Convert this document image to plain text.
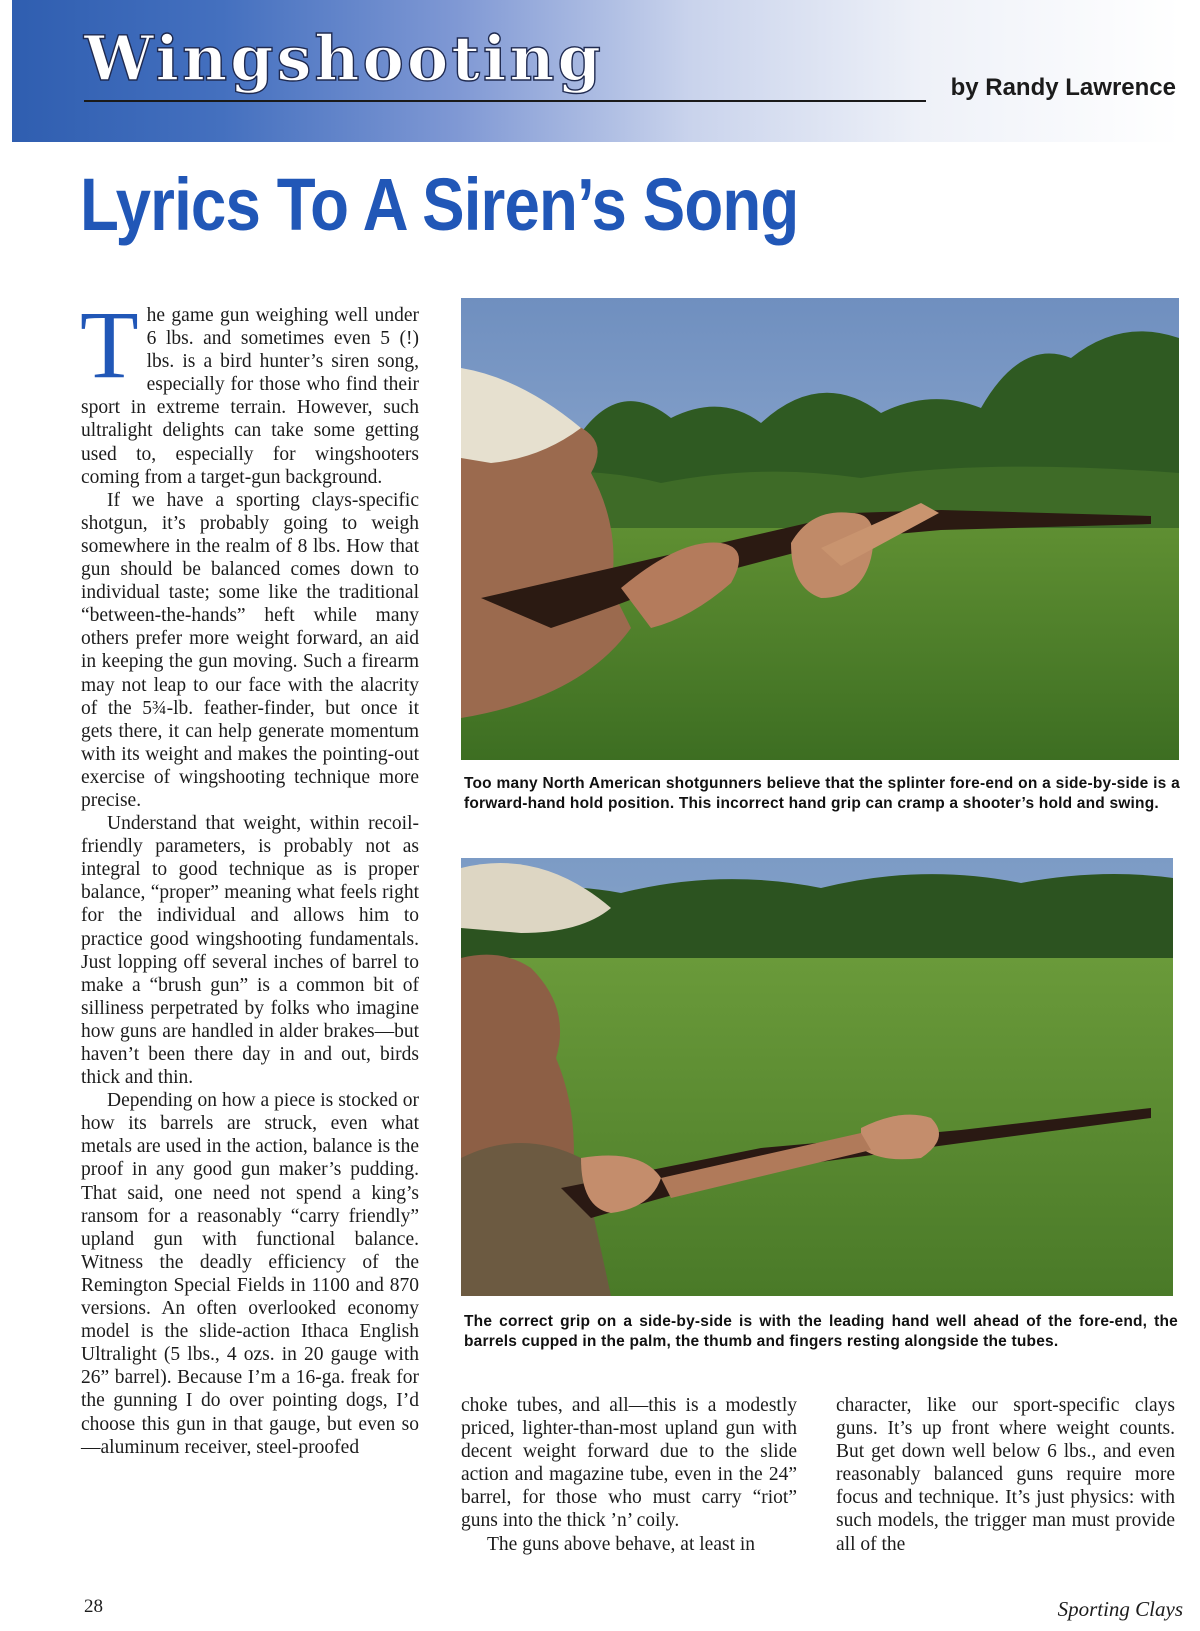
Wingshooting	by Randy Lawrence
Lyrics To A Siren’s Song

The game gun weighing well under 6 lbs. and sometimes even 5 (!) lbs. is a bird hunter’s siren song, especially for those who find their sport in extreme terrain. However, such ultralight delights can take some getting used to, especially for wingshooters coming from a target-gun background.

If we have a sporting clays-specific shotgun, it’s probably going to weigh somewhere in the realm of 8 lbs. How that gun should be balanced comes down to individual taste; some like the traditional “between-the-hands” heft while many others prefer more weight forward, an aid in keeping the gun moving. Such a firearm may not leap to our face with the alacrity of the 5¾-lb. feather-finder, but once it gets there, it can help generate momentum with its weight and makes the pointing-out exercise of wingshooting technique more precise.

Understand that weight, within recoil-friendly parameters, is probably not as integral to good technique as is proper balance, “proper” meaning what feels right for the individual and allows him to practice good wingshooting fundamentals. Just lopping off several inches of barrel to make a “brush gun” is a common bit of silliness perpetrated by folks who imagine how guns are handled in alder brakes—but haven’t been there day in and out, birds thick and thin.

Depending on how a piece is stocked or how its barrels are struck, even what metals are used in the action, balance is the proof in any good gun maker’s pudding. That said, one need not spend a king’s ransom for a reasonably “carry friendly” upland gun with functional balance. Witness the deadly efficiency of the Remington Special Fields in 1100 and 870 versions. An often overlooked economy model is the slide-action Ithaca English Ultralight (5 lbs., 4 ozs. in 20 gauge with 26” barrel). Because I’m a 16-ga. freak for the gunning I do over pointing dogs, I’d choose this gun in that gauge, but even so—aluminum receiver, steel-proofed

Too many North American shotgunners believe that the splinter fore-end on a side-by-side is a forward-hand hold position. This incorrect hand grip can cramp a shooter’s hold and swing.
The correct grip on a side-by-side is with the leading hand well ahead of the fore-end, the barrels cupped in the palm, the thumb and fingers resting alongside the tubes.

choke tubes, and all—this is a modestly priced, lighter-than-most upland gun with decent weight forward due to the slide action and magazine tube, even in the 24” barrel, for those who must carry “riot” guns into the thick ’n’ coily.

The guns above behave, at least in

character, like our sport-specific clays guns. It’s up front where weight counts. But get down well below 6 lbs., and even reasonably balanced guns require more focus and technique. It’s just physics: with such models, the trigger man must provide all of the

28	Sporting Clays
